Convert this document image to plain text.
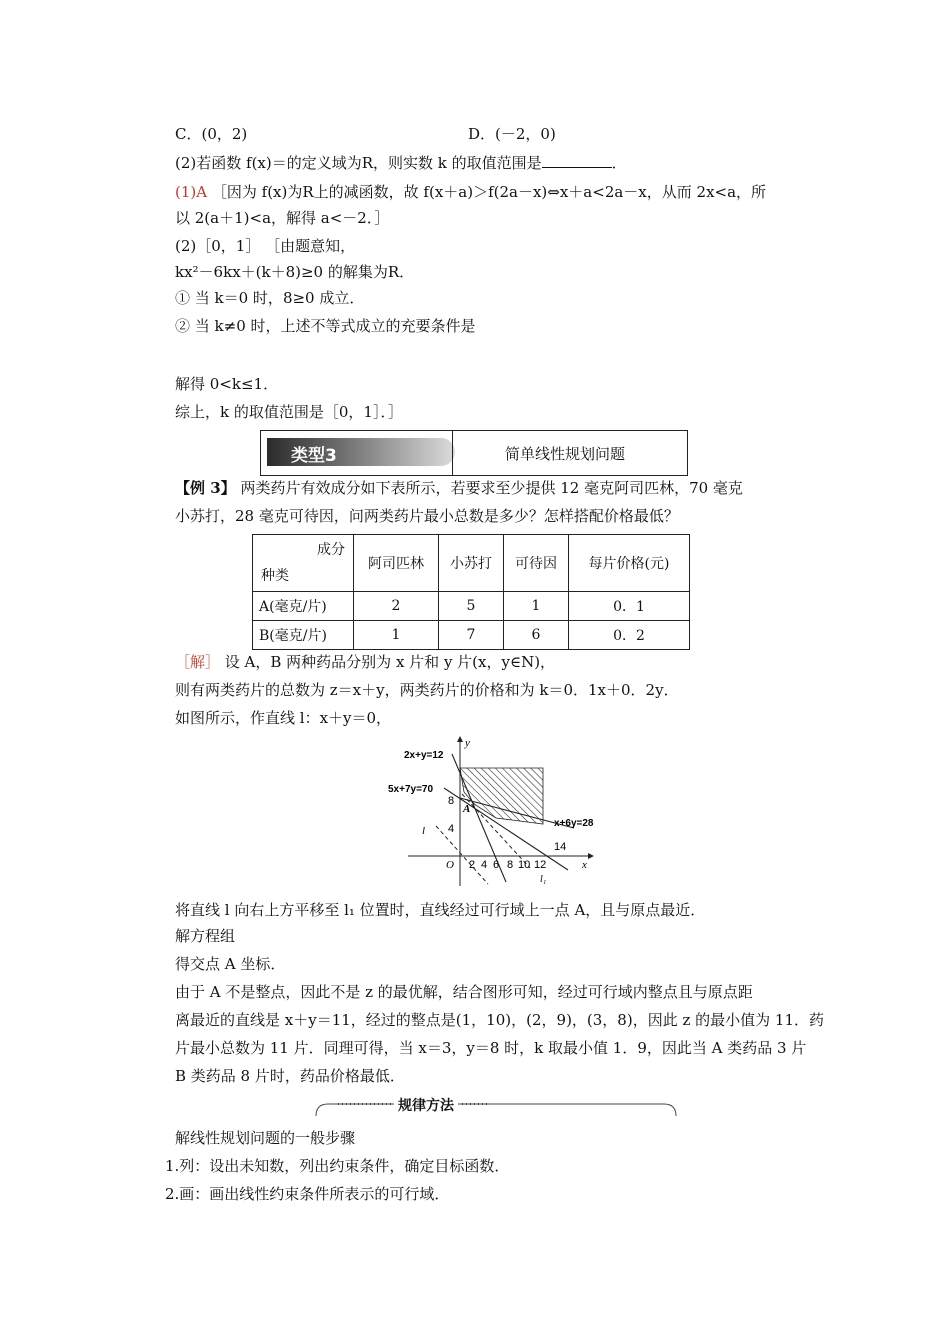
C．(0，2)	D．(－2，0)
(2)若函数 f(x)＝的定义域为R，则实数 k 的取值范围是	．
(1)A ［因为 f(x)为R上的减函数，故 f(x＋a)＞f(2a－x)⇔x＋a<2a－x，从而 2x<a，所
以 2(a＋1)<a，解得 a<－2．］
(2)［0，1］ ［由题意知，
kx²－6kx＋(k＋8)≥0 的解集为R．
① 当 k＝0 时，8≥0 成立．
② 当 k≠0 时，上述不等式成立的充要条件是
解得 0<k≤1．
综上，k 的取值范围是［0，1］．］
类型3	简单线性规划问题
【例 3】 两类药片有效成分如下表所示，若要求至少提供 12 毫克阿司匹林，70 毫克
小苏打，28 毫克可待因，问两类药片最小总数是多少？怎样搭配价格最低？
成分
种类	阿司匹林	小苏打	可待因	每片价格(元)
A(毫克/片)	2	5	1	0．1
B(毫克/片)	1	7	6	0．2
［解］ 设 A，B 两种药品分别为 x 片和 y 片(x，y∈N)，
则有两类药片的总数为 z＝x＋y，两类药片的价格和为 k＝0．1x＋0．2y．
如图所示，作直线 l：x＋y＝0，
2x+y=12
5x+7y=70
x+6y=28
y
x
O
A
l
l₁
8
4
2 4 6 8 10 12
14
将直线 l 向右上方平移至 l₁ 位置时，直线经过可行域上一点 A，且与原点最近．
解方程组
得交点 A 坐标．
由于 A 不是整点，因此不是 z 的最优解，结合图形可知，经过可行域内整点且与原点距
离最近的直线是 x＋y＝11，经过的整点是(1，10)，(2，9)，(3，8)，因此 z 的最小值为 11．药
片最小总数为 11 片．同理可得，当 x＝3，y＝8 时，k 取最小值 1．9，因此当 A 类药品 3 片
B 类药品 8 片时，药品价格最低．
规律方法
解线性规划问题的一般步骤
1.列：设出未知数，列出约束条件，确定目标函数．
2.画：画出线性约束条件所表示的可行域．
